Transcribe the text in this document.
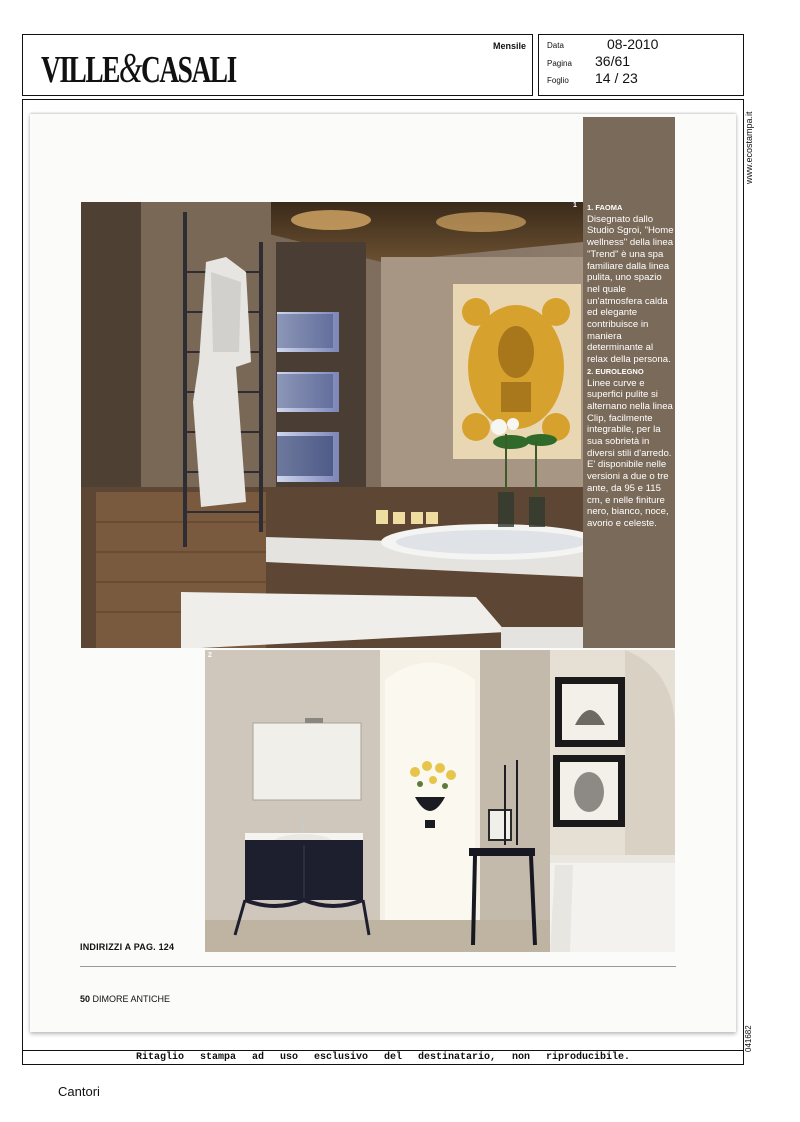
VILLE&CASALI
Mensile	Data	08-2010
Pagina 36/61
Foglio 14 / 23
www.ecostampa.it
041682
1. FAOMA

Disegnato dallo Studio Sgroi, "Home wellness" della linea "Trend" è una spa familiare dalla linea pulita, uno spazio nel quale un'atmosfera calda ed elegante contribuisce in maniera determinante al relax della persona.

2. EUROLEGNO

Linee curve e superfici pulite si alternano nella linea Clip, facilmente integrabile, per la sua sobrietà in diversi stili d'arredo. E' disponibile nelle versioni a due o tre ante, da 95 e 115 cm, e nelle finiture nero, bianco, noce, avorio e celeste.

1
2
INDIRIZZI A PAG. 124
50 DIMORE ANTICHE
Ritaglio stampa ad uso esclusivo del destinatario, non riproducibile.
Cantori
